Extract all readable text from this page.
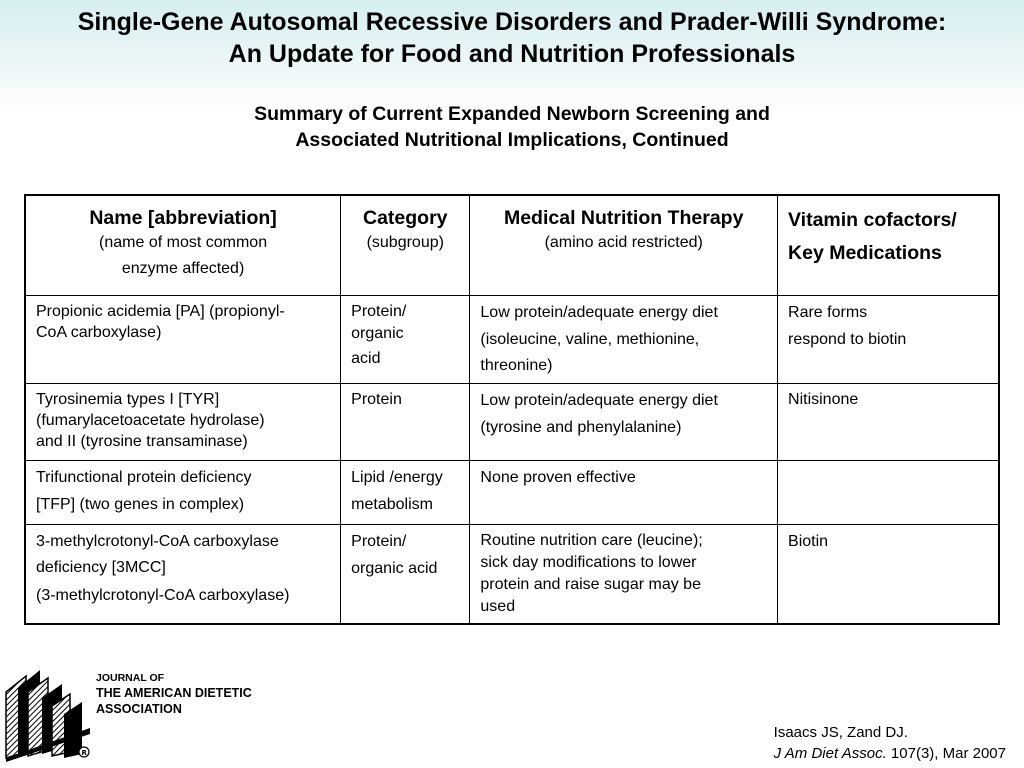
Single-Gene Autosomal Recessive Disorders and Prader-Willi Syndrome:
An Update for Food and Nutrition Professionals
Summary of Current Expanded Newborn Screening and
Associated Nutritional Implications, Continued
Name [abbreviation]
(name of most common
enzyme affected)	Category
(subgroup)	Medical Nutrition Therapy
(amino acid restricted)	Vitamin cofactors/
Key Medications

Propionic acidemia [PA] (propionyl-
CoA carboxylase)	Protein/
organic
acid	Low protein/adequate energy diet
(isoleucine, valine, methionine,
threonine)	Rare forms
respond to biotin

Tyrosinemia types I [TYR]
(fumarylacetoacetate hydrolase)
and II (tyrosine transaminase)	Protein	Low protein/adequate energy diet
(tyrosine and phenylalanine)	Nitisinone

Trifunctional protein deficiency
[TFP] (two genes in complex)	Lipid /energy
metabolism	None proven effective	

3-methylcrotonyl-CoA carboxylase
deficiency [3MCC]
(3-methylcrotonyl-CoA carboxylase)	Protein/
organic acid	Routine nutrition care (leucine);
sick day modifications to lower
protein and raise sugar may be
used	Biotin
R
JOURNAL OF
THE AMERICAN DIETETIC
ASSOCIATION
Isaacs JS, Zand DJ.
J Am Diet Assoc. 107(3), Mar 2007
